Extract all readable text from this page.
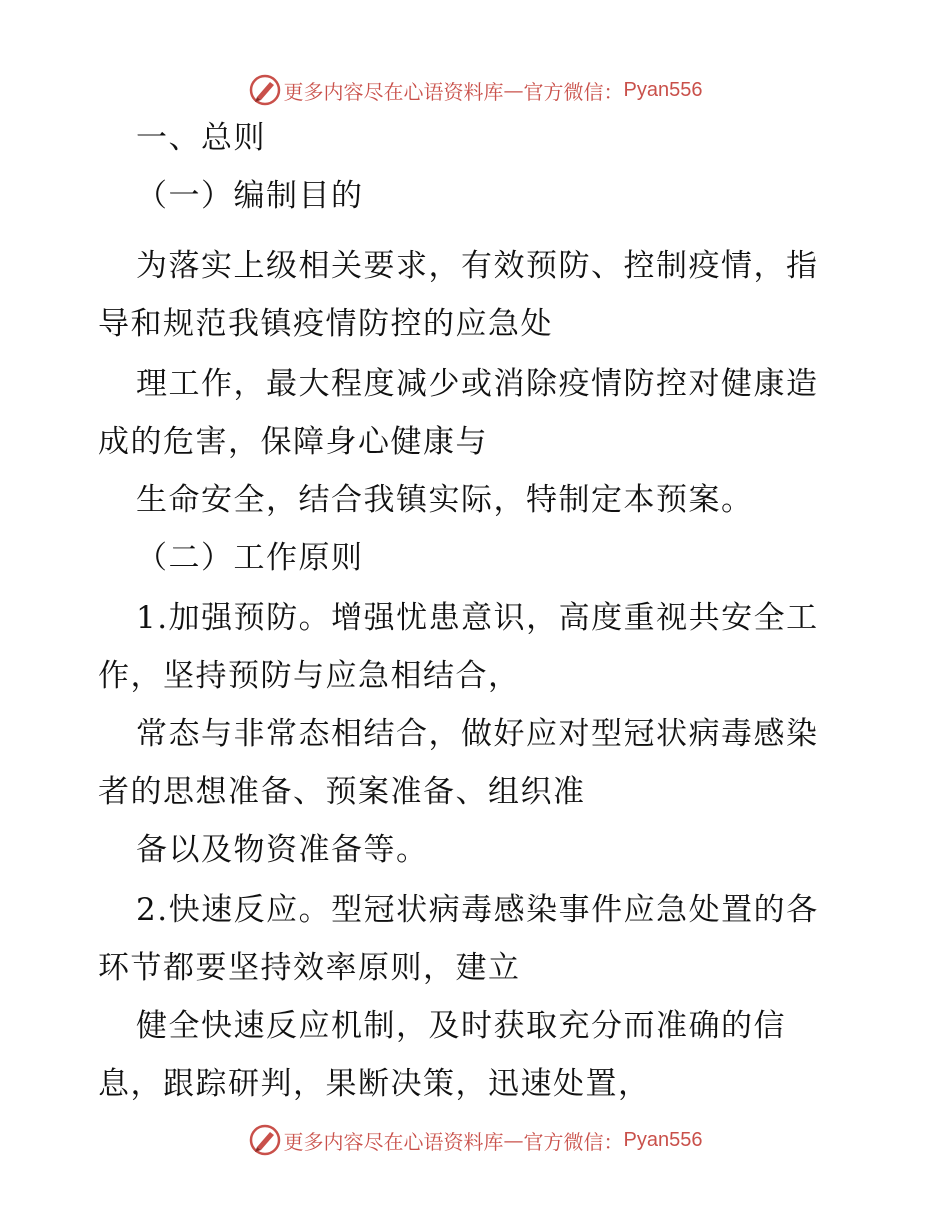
更多内容尽在心语资料库 — 官方微信： Pyan556
一、总则
（一）编制目的
为落实上级相关要求，有效预防、控制疫情，指
导和规范我镇疫情防控的应急处
理工作，最大程度减少或消除疫情防控对健康造
成的危害，保障身心健康与
生命安全，结合我镇实际，特制定本预案。
（二）工作原则
1.加强预防。增强忧患意识，高度重视共安全工
作，坚持预防与应急相结合，
常态与非常态相结合，做好应对型冠状病毒感染
者的思想准备、预案准备、组织准
备以及物资准备等。
2.快速反应。型冠状病毒感染事件应急处置的各
环节都要坚持效率原则，建立
健全快速反应机制，及时获取充分而准确的信
息，跟踪研判，果断决策，迅速处置，
更多内容尽在心语资料库 — 官方微信： Pyan556
